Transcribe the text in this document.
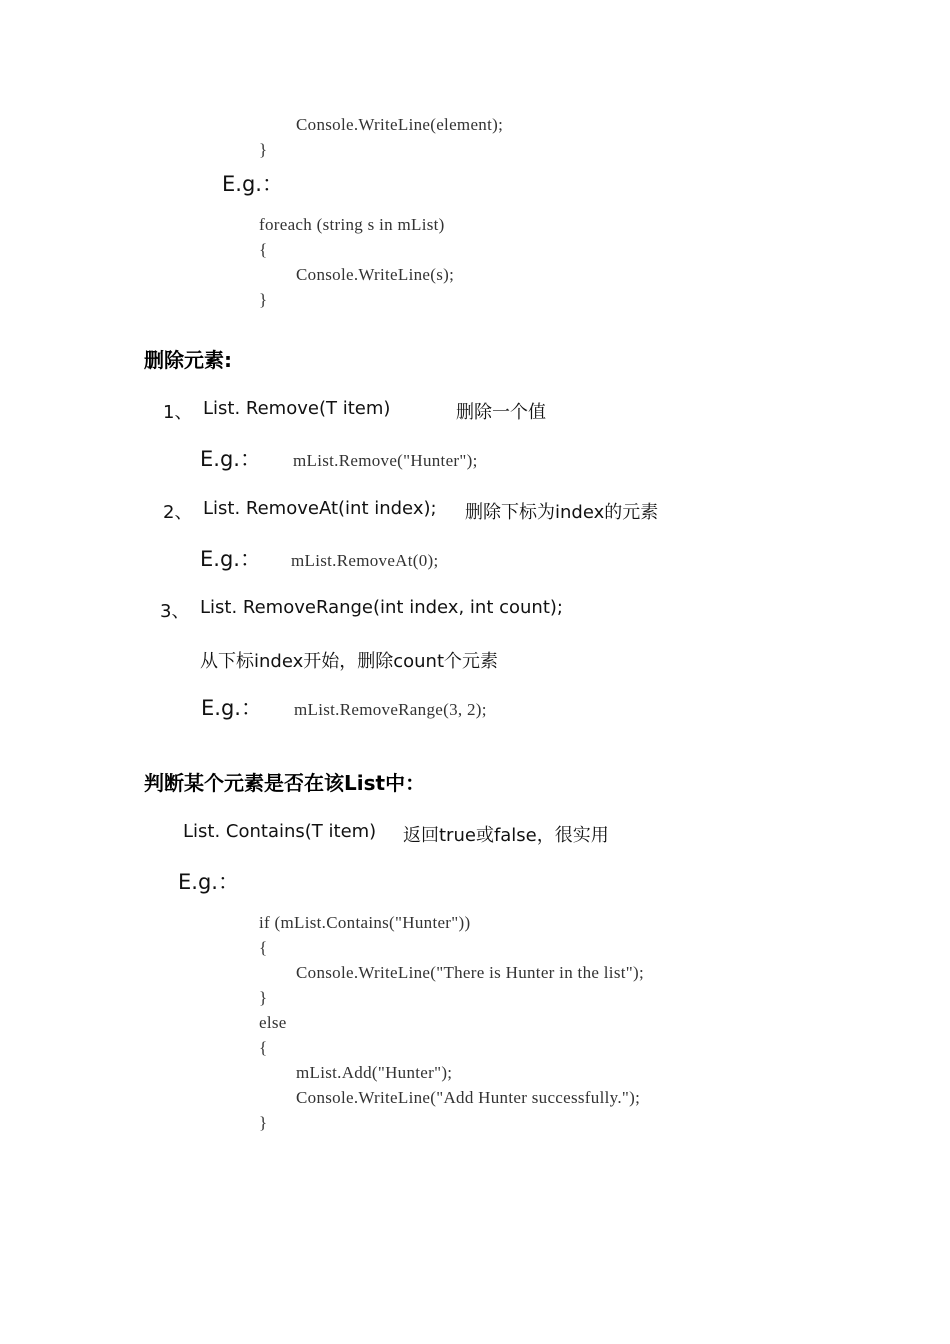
Console.WriteLine(element);
}
E.g.：
foreach (string s in mList)
{
Console.WriteLine(s);
}
删除元素:
1、 List. Remove(T item)	删除一个值
E.g.： mList.Remove("Hunter");
2、 List. RemoveAt(int index); 删除下标为index的元素
E.g.： mList.RemoveAt(0);
3、 List. RemoveRange(int index, int count);
从下标index开始，删除count个元素
E.g.： mList.RemoveRange(3, 2);
判断某个元素是否在该List中：
List. Contains(T item) 返回true或false，很实用
E.g.：
if (mList.Contains("Hunter"))
{
Console.WriteLine("There is Hunter in the list");
}
else
{
mList.Add("Hunter");
Console.WriteLine("Add Hunter successfully.");
}
